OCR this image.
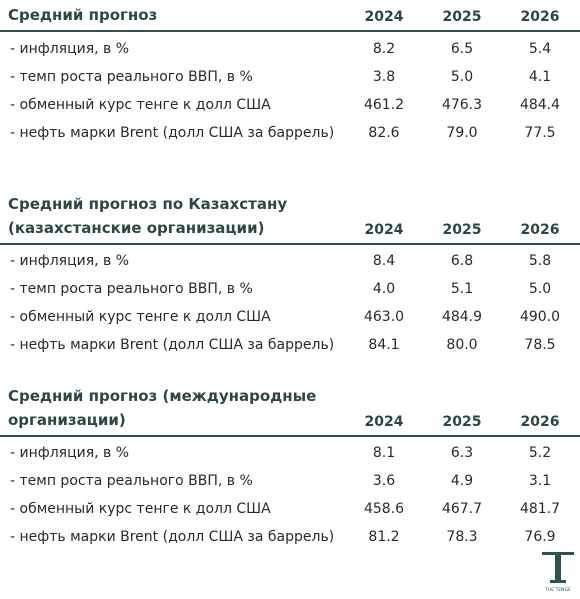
Средний прогноз	2024	2025	2026
- инфляция, в %	8.2	6.5	5.4
- темп роста реального ВВП, в %	3.8	5.0	4.1
- обменный курс тенге к долл США	461.2	476.3	484.4
- нефть марки Brent (долл США за баррель)	82.6	79.0	77.5
Средний прогноз по Казахстану
(казахстанские организации)	2024	2025	2026
- инфляция, в %	8.4	6.8	5.8
- темп роста реального ВВП, в %	4.0	5.1	5.0
- обменный курс тенге к долл США	463.0	484.9	490.0
- нефть марки Brent (долл США за баррель)	84.1	80.0	78.5
Средний прогноз (международные
организации)	2024	2025	2026
- инфляция, в %	8.1	6.3	5.2
- темп роста реального ВВП, в %	3.6	4.9	3.1
- обменный курс тенге к долл США	458.6	467.7	481.7
- нефть марки Brent (долл США за баррель)	81.2	78.3	76.9
THE TENGE
